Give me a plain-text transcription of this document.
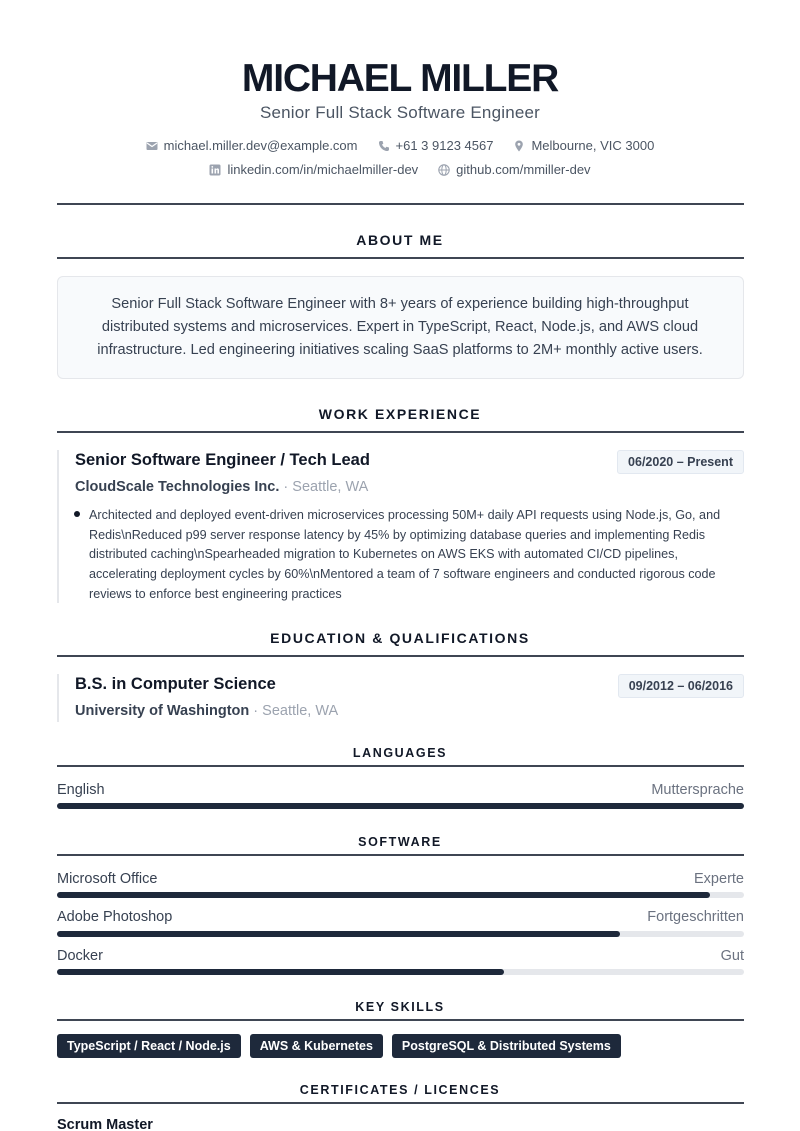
MICHAEL MILLER
Senior Full Stack Software Engineer
michael.miller.dev@example.com	+61 3 9123 4567	Melbourne, VIC 3000
linkedin.com/in/michaelmiller-dev	github.com/mmiller-dev
ABOUT ME
Senior Full Stack Software Engineer with 8+ years of experience building high-throughput
distributed systems and microservices. Expert in TypeScript, React, Node.js, and AWS cloud
infrastructure. Led engineering initiatives scaling SaaS platforms to 2M+ monthly active users.
WORK EXPERIENCE
Senior Software Engineer / Tech Lead	06/2020 – Present
CloudScale Technologies Inc. · Seattle, WA
Architected and deployed event-driven microservices processing 50M+ daily API requests using Node.js, Go, and
Redis\nReduced p99 server response latency by 45% by optimizing database queries and implementing Redis
distributed caching\nSpearheaded migration to Kubernetes on AWS EKS with automated CI/CD pipelines,
accelerating deployment cycles by 60%\nMentored a team of 7 software engineers and conducted rigorous code
reviews to enforce best engineering practices
EDUCATION & QUALIFICATIONS
B.S. in Computer Science	09/2012 – 06/2016
University of Washington · Seattle, WA
LANGUAGES
English	Muttersprache
SOFTWARE
Microsoft Office	Experte
Adobe Photoshop	Fortgeschritten
Docker	Gut
KEY SKILLS
TypeScript / React / Node.js	AWS & Kubernetes	PostgreSQL & Distributed Systems
CERTIFICATES / LICENCES
Scrum Master
